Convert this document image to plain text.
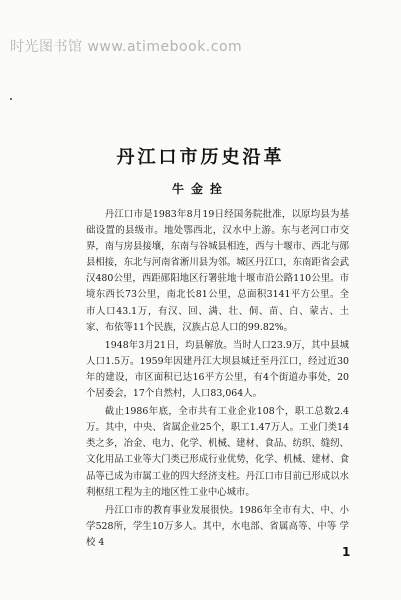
时光图书馆 www.atimebook.com
丹江口市历史沿革
牛金拴

丹江口市是1983年8月19日经国务院批准，以原均县为基础设置的县级市。地处鄂西北，汉水中上游。东与老河口市交界，南与房县接壤，东南与谷城县相连，西与十堰市、西北与郧县相接，东北与河南省淅川县为邻。城区丹江口，东南距省会武汉480公里，西距郧阳地区行署驻地十堰市沿公路110公里。市境东西长73公里，南北长81公里，总面积3141平方公里。全市人口43.1万，有汉、回、满、壮、侗、苗、白、蒙古、土家、布依等11个民族，汉族占总人口的99.82%。

1948年3月21日，均县解放。当时人口23.9万，其中县城人口1.5万。1959年因建丹江大坝县城迁至丹江口，经过近30年的建设，市区面积已达16平方公里，有4个街道办事处，20个居委会，17个自然村，人口83,064人。

截止1986年底，全市共有工业企业108个，职工总数2.4万。其中，中央、省属企业25个，职工1.47万人。工业门类14类之多，冶金、电力、化学、机械、建材、食品、纺织、缝纫、文化用品工业等大门类已形成行业优势，化学、机械、建材、食品等已成为市属工业的四大经济支柱。丹江口市目前已形成以水利枢纽工程为主的地区性工业中心城市。

丹江口市的教育事业发展很快。1986年全市有大、中、小学528所，学生10万多人。其中，水电部、省属高等、中等 学校 4

1
